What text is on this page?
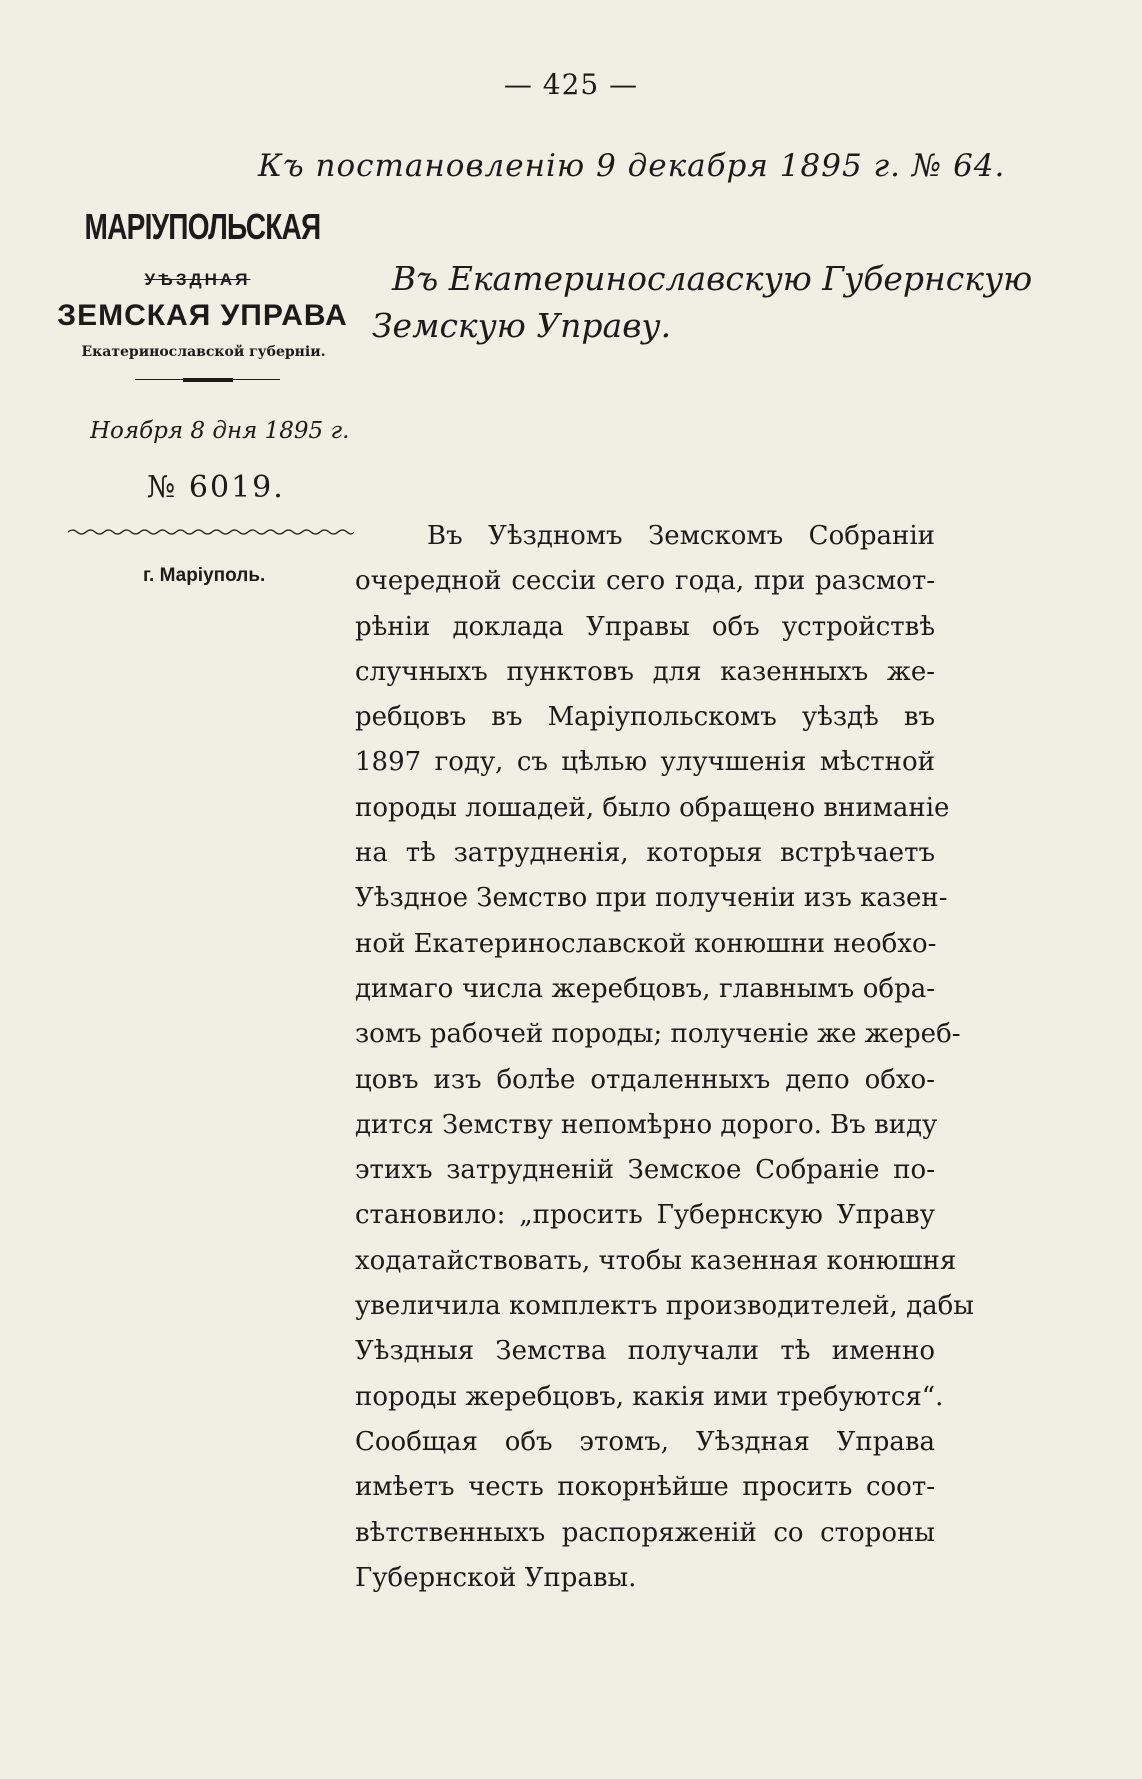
— 425 —
Къ постановленію 9 декабря 1895 г. № 64.
МАРІУПОЛЬСКАЯ
УѢЗДНАЯ
ЗЕМСКАЯ УПРАВА
Екатеринославской губерніи.
Ноября 8 дня 1895 г.
№ 6019.
г. Маріуполь.
Въ Екатеринославскую Губернскую
Земскую Управу.
Въ Уѣздномъ Земскомъ Собраніи
очередной сессіи сего года, при разсмот-
рѣніи доклада Управы объ устройствѣ
случныхъ пунктовъ для казенныхъ же-
ребцовъ въ Маріупольскомъ уѣздѣ въ
1897 году, съ цѣлью улучшенія мѣстной
породы лошадей, было обращено вниманіе
на тѣ затрудненія, которыя встрѣчаетъ
Уѣздное Земство при полученіи изъ казен-
ной Екатеринославской конюшни необхо-
димаго числа жеребцовъ, главнымъ обра-
зомъ рабочей породы; полученіе же жереб-
цовъ изъ болѣе отдаленныхъ депо обхо-
дится Земству непомѣрно дорого. Въ виду
этихъ затрудненій Земское Собраніе по-
становило: „просить Губернскую Управу
ходатайствовать, чтобы казенная конюшня
увеличила комплектъ производителей, дабы
Уѣздныя Земства получали тѣ именно
породы жеребцовъ, какія ими требуются“.
Сообщая объ этомъ, Уѣздная Управа
имѣетъ честь покорнѣйше просить соот-
вѣтственныхъ распоряженій со стороны
Губернской Управы.
